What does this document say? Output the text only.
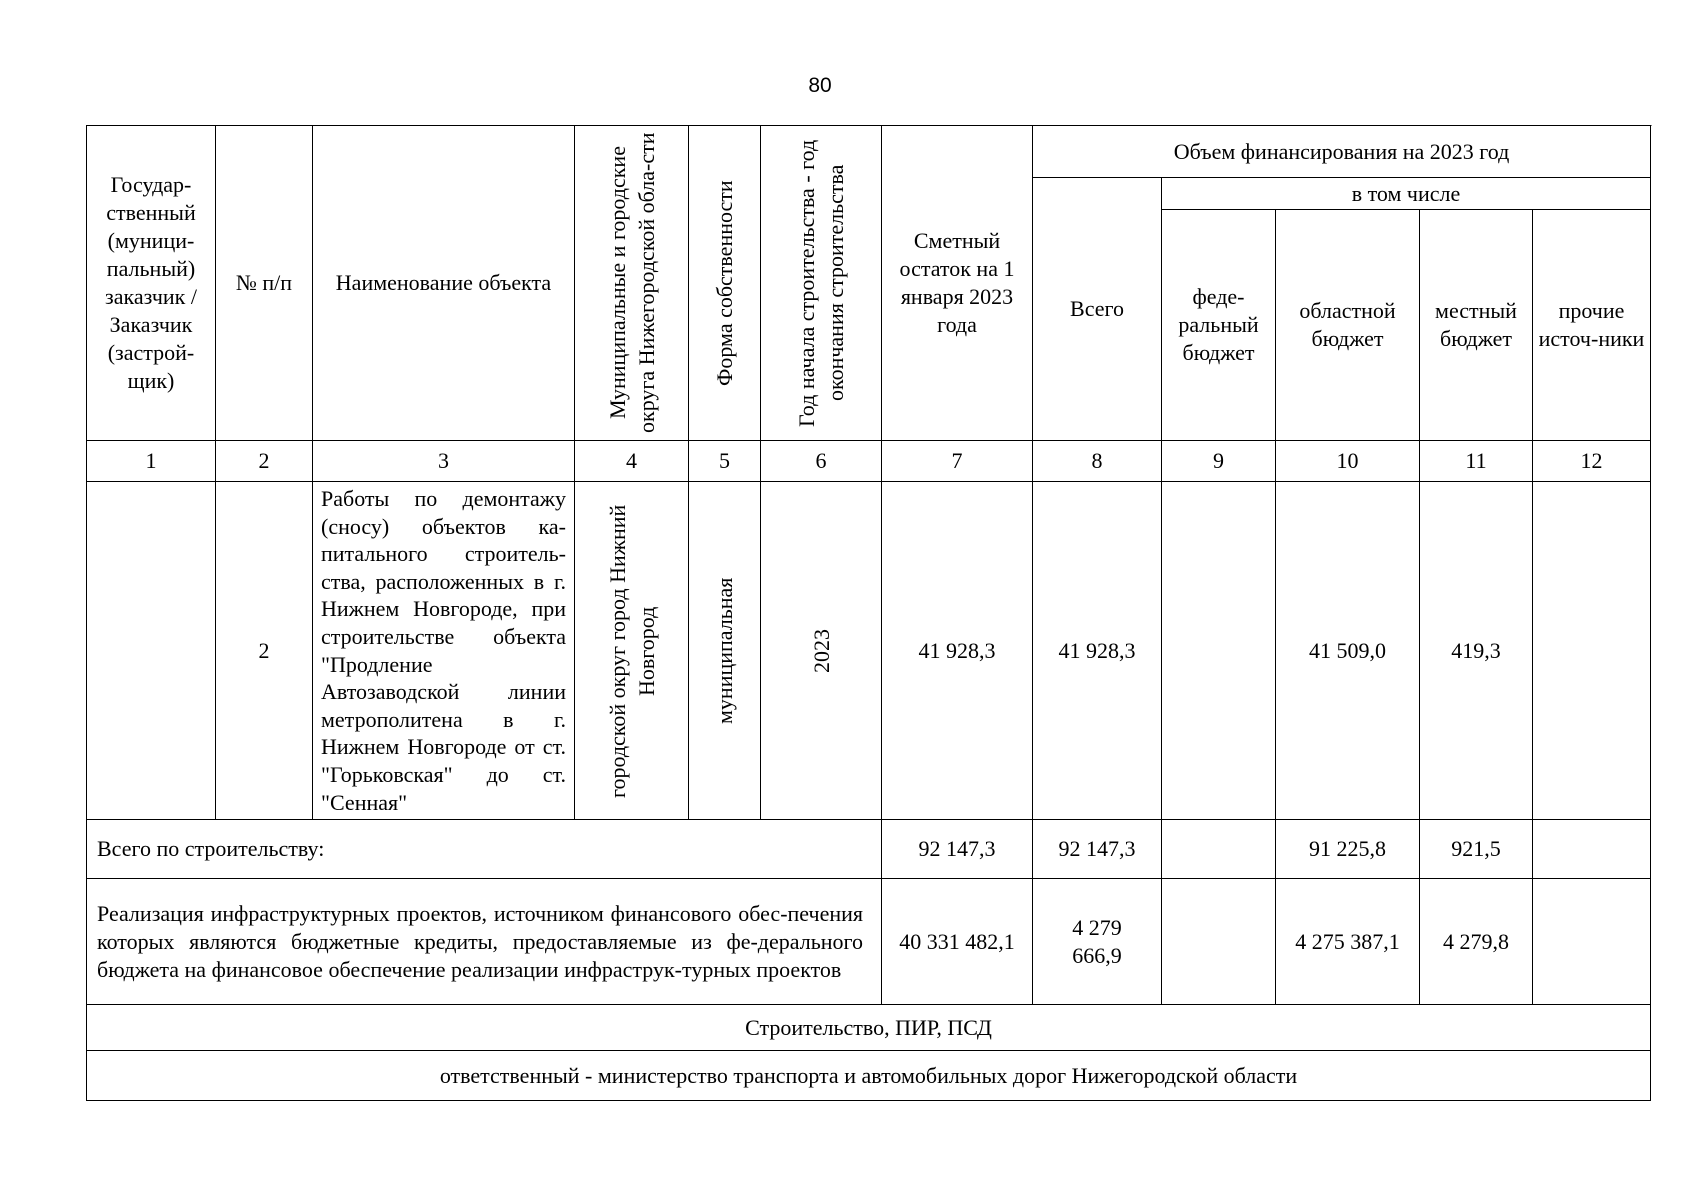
80
Государ-ственный (муници-пальный) заказчик / Заказчик (застрой-щик)	№ п/п	Наименование объекта	Муниципальные и городские округа Нижегородской обла-сти	Форма собственности	Год начала строительства - год окончания строительства	Сметный остаток на 1 января 2023 года	Объем финансирования на 2023 год				
							Всего	в том числе			
								феде-ральный бюджет	областной бюджет	местный бюджет	прочие источ-ники
1	2	3	4	5	6	7	8	9	10	11	12
	2	Работы по демонтажу (сносу) объектов ка-питального строитель-ства, расположенных в г. Нижнем Новгороде, при строительстве объекта "Продление Автозаводской линии метрополитена в г. Нижнем Новгороде от ст. "Горьковская" до ст. "Сенная"	городской округ город Нижний Новгород	муниципальная	2023	41 928,3	41 928,3		41 509,0	419,3	
Всего по строительству:						92 147,3	92 147,3		91 225,8	921,5	
Реализация инфраструктурных проектов, источником финансового обес-печения которых являются бюджетные кредиты, предоставляемые из фе-дерального бюджета на финансовое обеспечение реализации инфраструк-турных проектов						40 331 482,1	4 279 666,9		4 275 387,1	4 279,8	
Строительство, ПИР, ПСД											
ответственный - министерство транспорта и автомобильных дорог Нижегородской области											
